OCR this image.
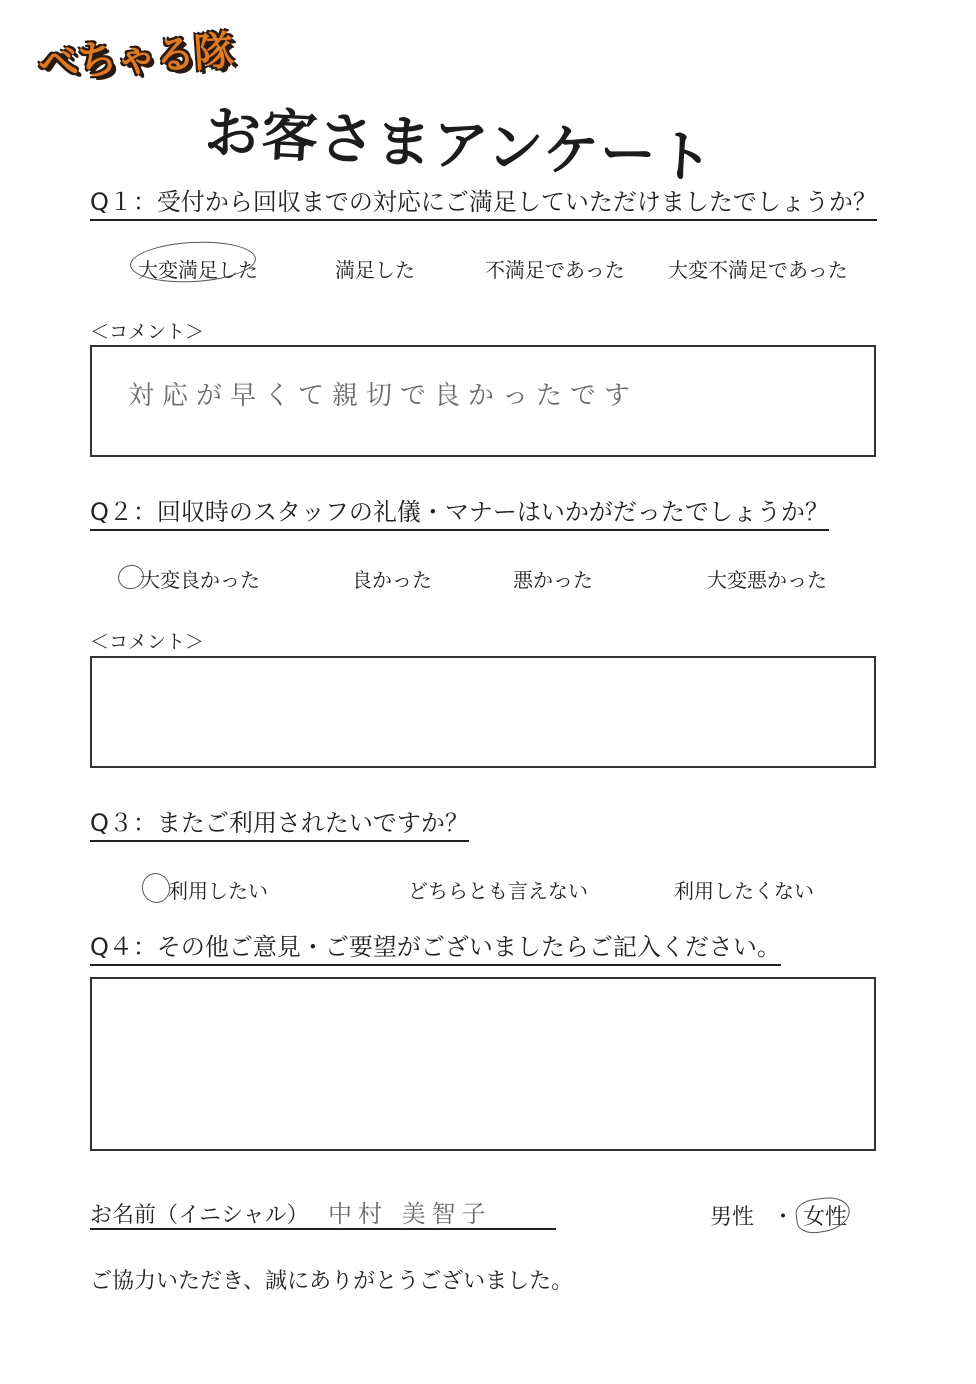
べちゃる隊
お客さまアンケート
Q１：受付から回収までの対応にご満足していただけましたでしょうか？
大変満足した	満足した	不満足であった 大変不満足であった
＜コメント＞
対応が早くて親切で良かったです
Q２：回収時のスタッフの礼儀・マナーはいかがだったでしょうか？
大変良かった	良かった	悪かった	大変悪かった
＜コメント＞
Q３：またご利用されたいですか？
利用したい	どちらとも言えない	利用したくない
Q４：その他ご意見・ご要望がございましたらご記入ください。
お名前（イニシャル） 中村 美智子	男性 ・ 女性
ご協力いただき、誠にありがとうございました。
